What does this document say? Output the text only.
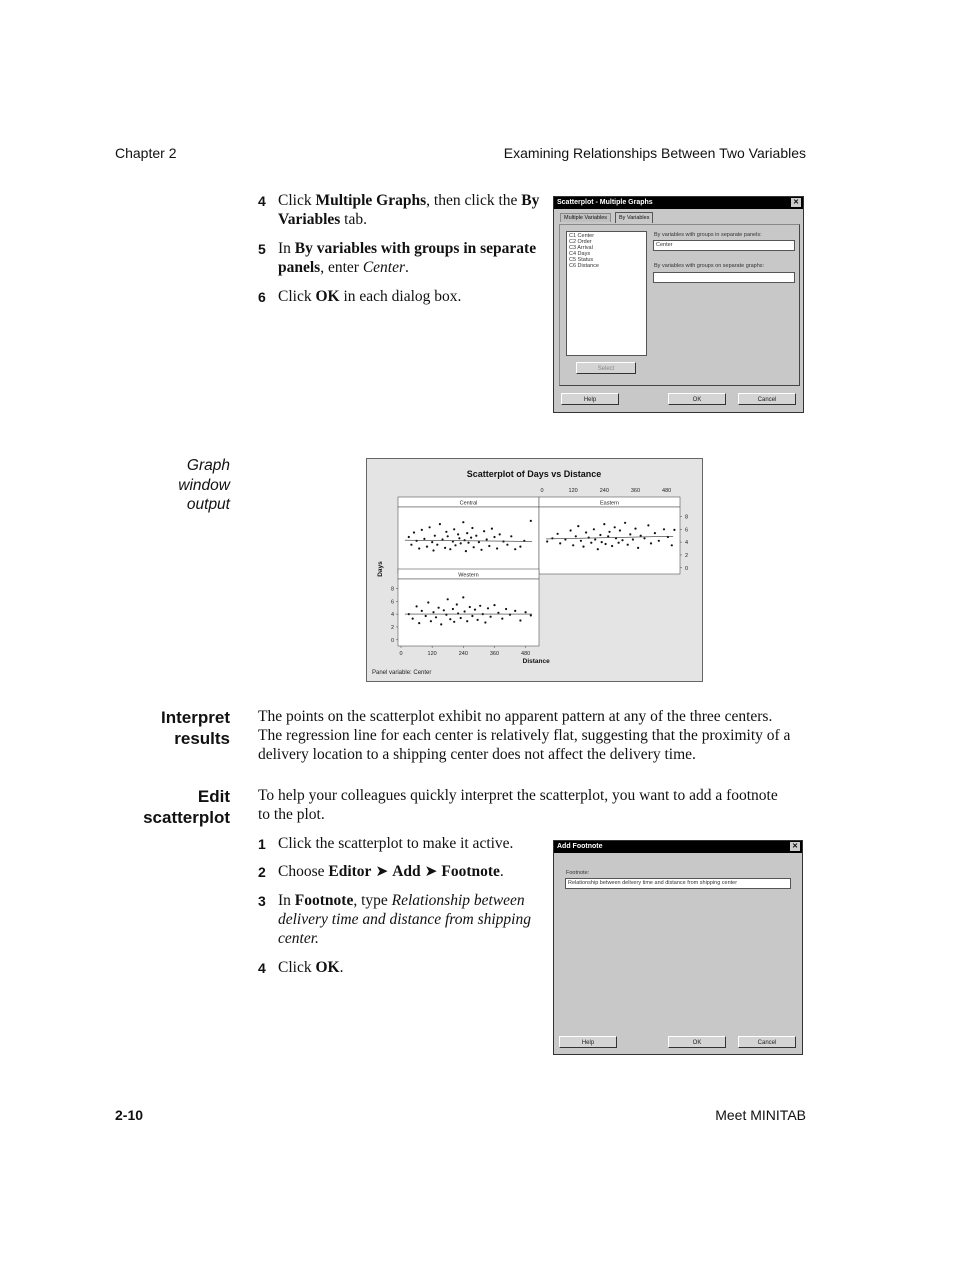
Chapter 2	Examining Relationships Between Two Variables
4 Click Multiple Graphs, then click the By Variables tab.
5 In By variables with groups in separate panels, enter Center.
6 Click OK in each dialog box.
Scatterplot - Multiple Graphs	✕
Multiple Variables	By Variables
C1 Center
C2 Order
C3 Arrival
C4 Days
C5 Status
C6 Distance
By variables with groups in separate panels:
Center
By variables with groups on separate graphs:
Select
Help	OK	Cancel
Graph
window
output
Scatterplot of Days vs Distance
Central	Eastern
Western
0	120	240	360	480
0	120	240	360	480
0
2
4
6
8
0
2
4
6
8
Distance
Days
Panel variable: Center
Interpret
results
The points on the scatterplot exhibit no apparent pattern at any of the three centers.
The regression line for each center is relatively flat, suggesting that the proximity of a
delivery location to a shipping center does not affect the delivery time.
Edit
scatterplot
To help your colleagues quickly interpret the scatterplot, you want to add a footnote
to the plot.
1 Click the scatterplot to make it active.
2 Choose Editor ➤ Add ➤ Footnote.
3 In Footnote, type Relationship between
delivery time and distance from shipping
center.
4 Click OK.
Add Footnote	✕
Footnote:
Relationship between delivery time and distance from shipping center
Help	OK	Cancel
2-10	Meet MINITAB
